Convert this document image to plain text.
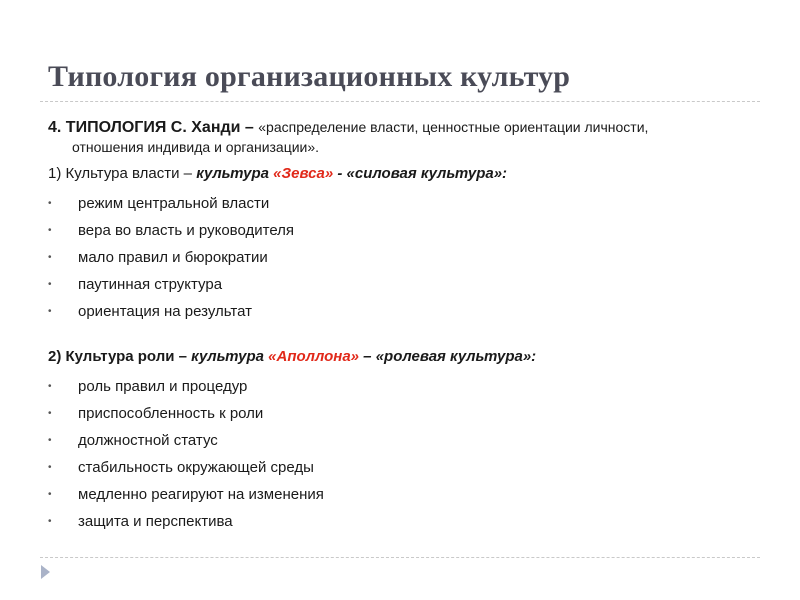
Типология организационных культур
4. ТИПОЛОГИЯ С. Ханди – «распределение власти, ценностные ориентации личности,
отношения индивида и организации».
1) Культура власти – культура «Зевса» - «силовая культура»:
• режим центральной власти
• вера во власть и руководителя
• мало правил и бюрократии
• паутинная структура
• ориентация на результат
2) Культура роли – культура «Аполлона» – «ролевая культура»:
• роль правил и процедур
• приспособленность к роли
• должностной статус
• стабильность окружающей среды
• медленно реагируют на изменения
• защита и перспектива
